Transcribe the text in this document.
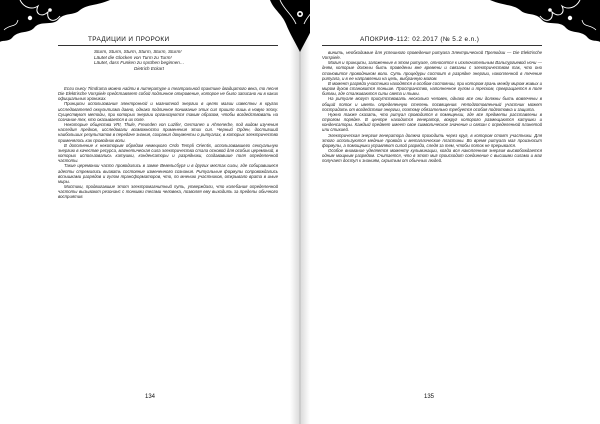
ТРАДИЦИИ И ПРОРОКИ
Sturm, Sturm, Sturm, Sturm, Sturm, Sturm!
Läutet die Glocken von Turm zu Turm!
Läutet, dass Funken zu sprühen beginnen…
Dietrich Eckart

Если пьесу Timdrama можно найти в литературе и театральной практике двадцатого века, то песня Die Elektrische Vorspiele представляет собой подлинное откровение, которое не было записано ни в каких официальных хрониках.

Принципы использования электронной и магнитной энергии в целях магии известны в кругах исследователей оккультизма давно, однако подлинное понимание этих сил пришло лишь в новую эпоху. Существуют методы, при которых энергии организуются таким образом, чтобы воздействовать на сознание тех, кто оказывается в их поле.

Некоторые общества VRI, Thule, Freunden von Luzifer, Germanen и Ahnenerbe, под видом изучения наследия предков, исследовали возможности применения этих сил. Черный Орден, достигший наибольших результатов в передаче знания, сохранил документы о ритуалах, в которых электричество применялось как проводник воли.

В дополнение к некоторым обрядам немецкого Ordo Templi Orientis, использовавшего сексуальную энергию в качестве ресурса, магнетическая сила электричества стала основой для особых церемоний, в которых использовались катушки, конденсаторы и разрядники, создававшие поля определенной частоты.

Такие церемонии часто проводились в замке Вевельсбург и в других местах силы, где собиравшиеся адепты стремились вызвать состояние измененного сознания. Ритуальные формулы сопровождались вспышками разрядов и гулом трансформаторов, что, по мнению участников, открывало врата в иные миры.

Мистики, продвигавшие этот электромагнитный путь, утверждали, что колебания определенной частоты вызывают резонанс с тонкими телами человека, позволяя ему выходить за пределы обычного восприятия.

134
АПОКРИФ-112: 02.2017 (№ 5.2 e.n.)

винить, необходимые для успешного проведения ритуала Электрической Прелюдии — Die Elektrische Vorspiele.

Магия и принципы, заложенные в этом ритуале, относятся к исключительным Вальпургиевой ночи — дням, которые должны быть проведены вне времени и связаны с электричеством так, что оно становится проводником воли. Суть процедуры состоит в разрядке энергии, накопленной в течение ритуала, и в ее направлении на цель, выбранную магом.

В момент разряда участники находятся в особом состоянии, при котором грань между миром живых и миром духов становится тоньше. Пространство, наполненное гулом и треском, превращается в поле битвы, где сталкиваются силы света и тьмы.

На ритуале могут присутствовать несколько человек, однако все они должны быть вовлечены в общий поток и иметь определенную степень посвящения. Неподготовленный участник может пострадать от воздействия энергии, поэтому обязательно требуется особая подготовка и защита.

Нужно также сказать, что ритуал проводится в помещении, где все предметы расставлены в строгом порядке. В центре находится генератор, вокруг которого размещаются катушки и конденсаторы. Каждый предмет имеет свое символическое значение и связан с определенной планетой или стихией.

Электрическая энергия генератора должна проходить через круг, в котором стоят участники. Для этого используются медные провода и металлические пластины. Во время ритуала маг произносит формулы, а помощники управляют силой разряда, следя за тем, чтобы поток не прерывался.

Особое внимание уделяется моменту кульминации, когда вся накопленная энергия высвобождается одним мощным разрядом. Считается, что в этот миг происходит соединение с высшими силами и маг получает доступ к знаниям, скрытым от обычных людей.

135
